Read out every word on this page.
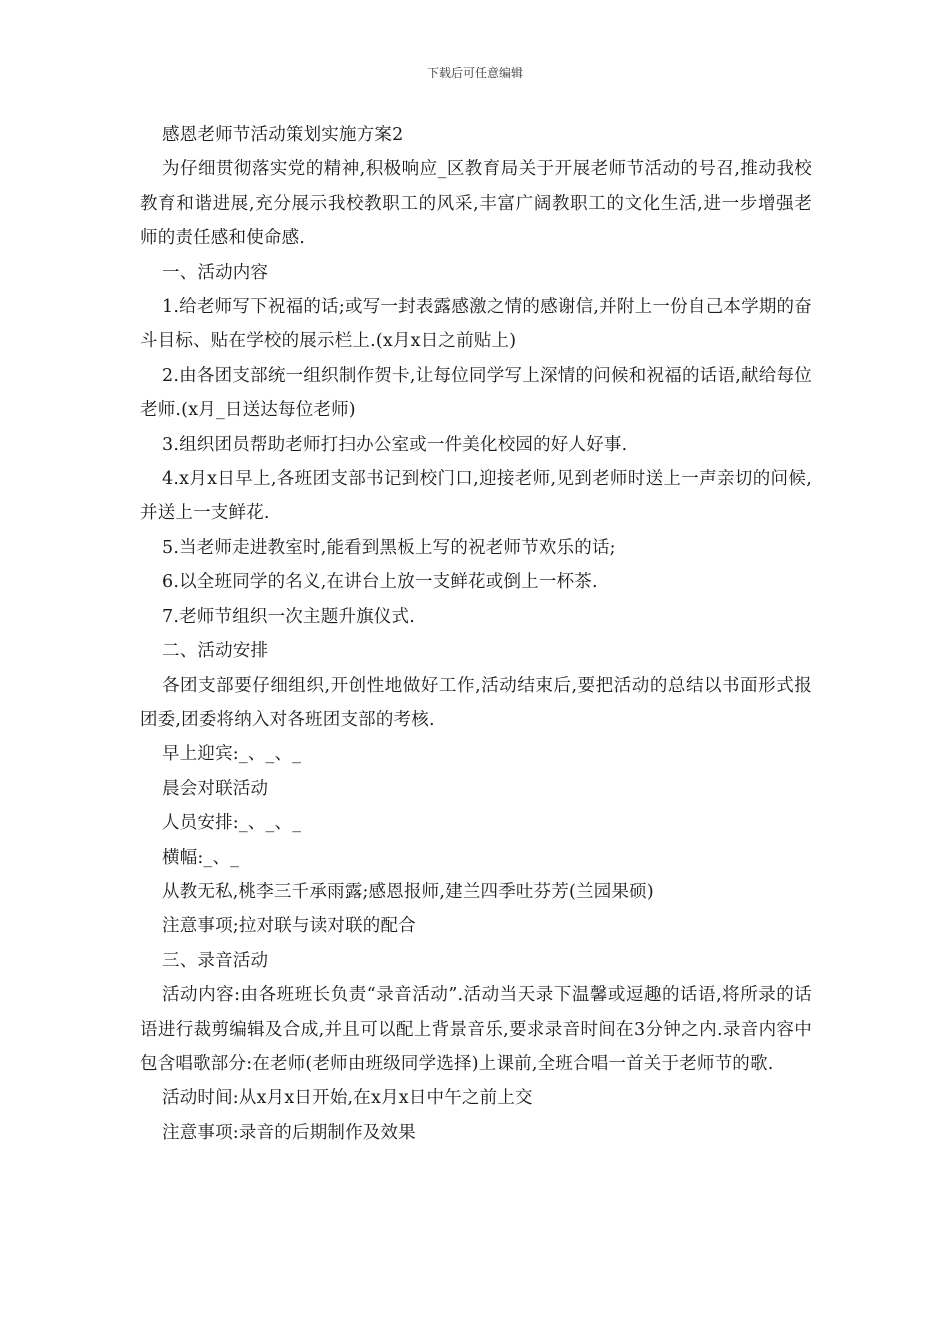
下载后可任意编辑

感恩老师节活动策划实施方案2

为仔细贯彻落实党的精神,积极响应_区教育局关于开展老师节活动的号召,推动我校教育和谐进展,充分展示我校教职工的风采,丰富广阔教职工的文化生活,进一步增强老师的责任感和使命感.

一、活动内容

1.给老师写下祝福的话;或写一封表露感激之情的感谢信,并附上一份自己本学期的奋斗目标、贴在学校的展示栏上.(x月x日之前贴上)

2.由各团支部统一组织制作贺卡,让每位同学写上深情的问候和祝福的话语,献给每位老师.(x月_日送达每位老师)

3.组织团员帮助老师打扫办公室或一件美化校园的好人好事.

4.x月x日早上,各班团支部书记到校门口,迎接老师,见到老师时送上一声亲切的问候,并送上一支鲜花.

5.当老师走进教室时,能看到黑板上写的祝老师节欢乐的话;

6.以全班同学的名义,在讲台上放一支鲜花或倒上一杯茶.

7.老师节组织一次主题升旗仪式.

二、活动安排

各团支部要仔细组织,开创性地做好工作,活动结束后,要把活动的总结以书面形式报团委,团委将纳入对各班团支部的考核.

早上迎宾:_、_、_

晨会对联活动

人员安排:_、_、_

横幅:_、_

从教无私,桃李三千承雨露;感恩报师,建兰四季吐芬芳(兰园果硕)

注意事项;拉对联与读对联的配合

三、录音活动

活动内容:由各班班长负责“录音活动”.活动当天录下温馨或逗趣的话语,将所录的话语进行裁剪编辑及合成,并且可以配上背景音乐,要求录音时间在3分钟之内.录音内容中包含唱歌部分:在老师(老师由班级同学选择)上课前,全班合唱一首关于老师节的歌.

活动时间:从x月x日开始,在x月x日中午之前上交

注意事项:录音的后期制作及效果
